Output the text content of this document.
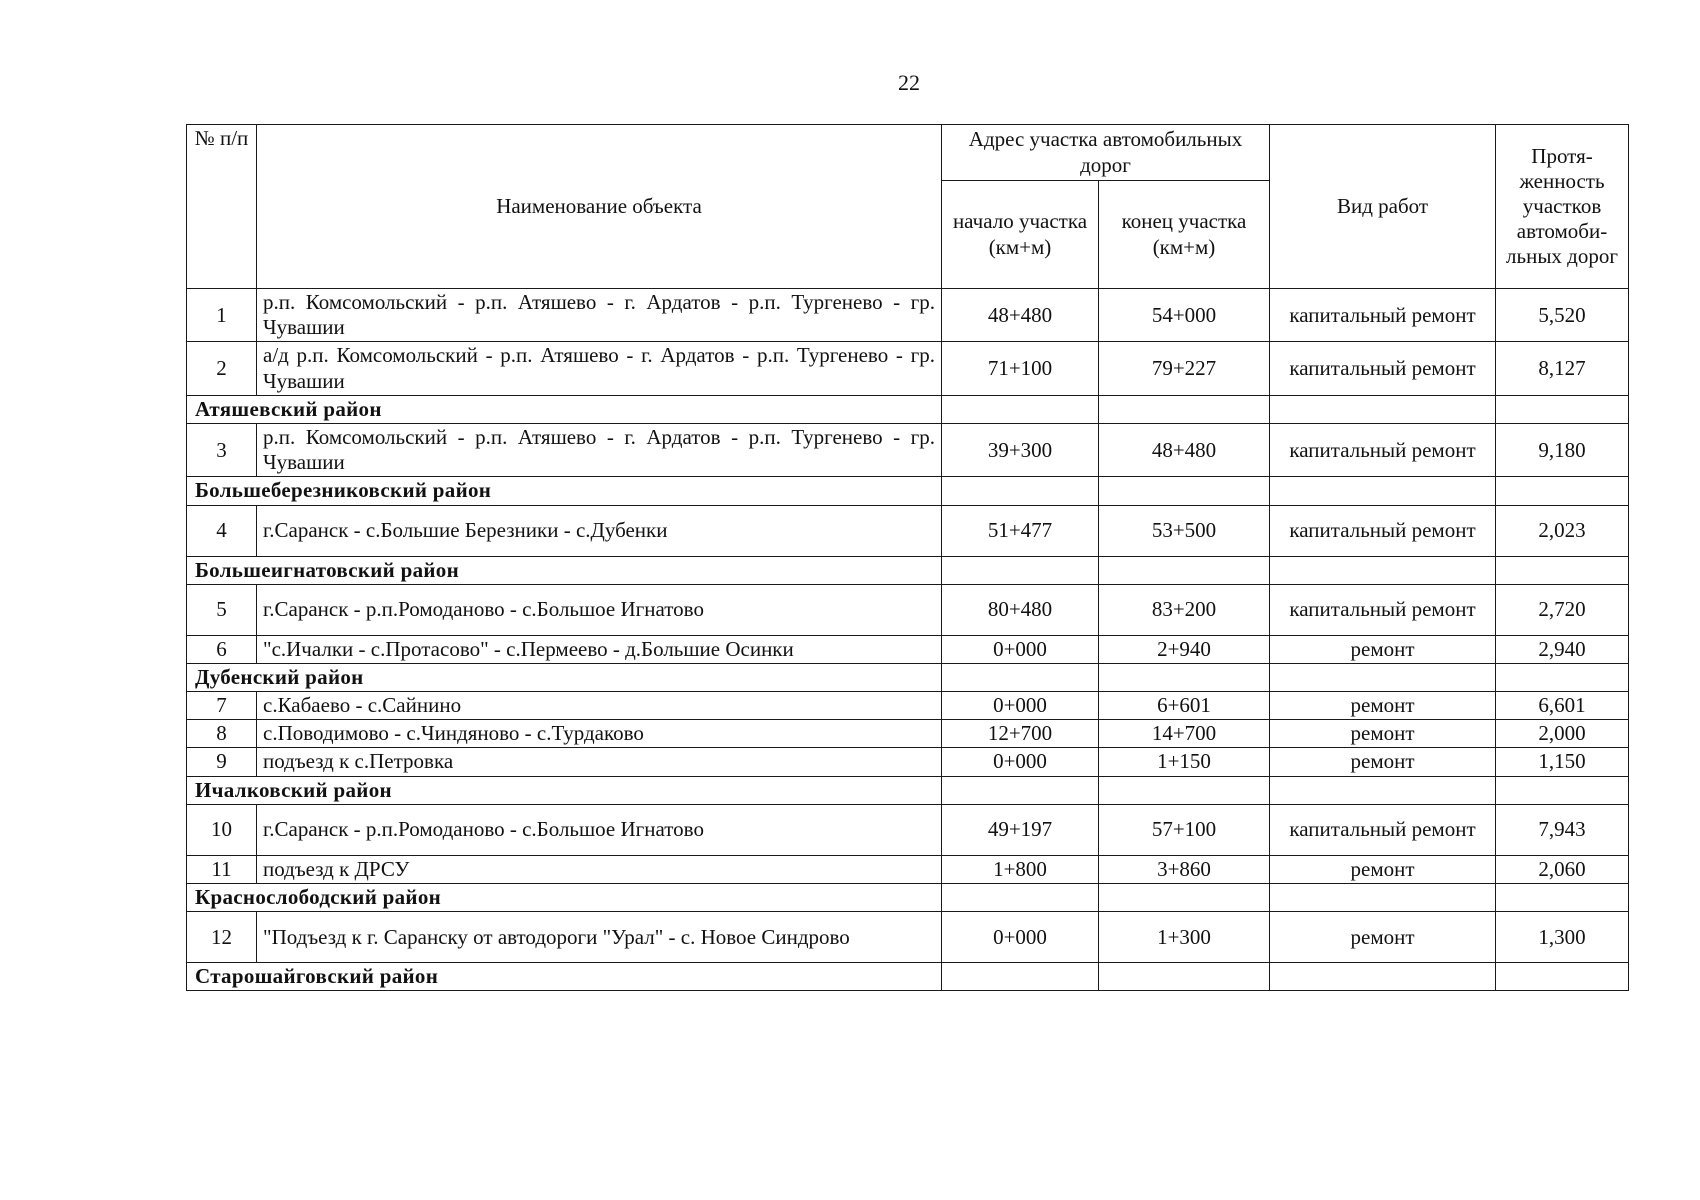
22
№ п/п	Наименование объекта	Адрес участка автомобильных дорог		Вид работ	Протя-женность участков автомоби-льных дорог
		начало участка (км+м)	конец участка (км+м)		
1	р.п. Комсомольский - р.п. Атяшево - г. Ардатов - р.п. Тургенево - гр. Чувашии	48+480	54+000	капитальный ремонт	5,520
2	а/д р.п. Комсомольский - р.п. Атяшево - г. Ардатов - р.п. Тургенево - гр. Чувашии	71+100	79+227	капитальный ремонт	8,127
Атяшевский район					
3	р.п. Комсомольский - р.п. Атяшево - г. Ардатов - р.п. Тургенево - гр. Чувашии	39+300	48+480	капитальный ремонт	9,180
Большеберезниковский район					
4	г.Саранск - с.Большие Березники - с.Дубенки	51+477	53+500	капитальный ремонт	2,023
Большеигнатовский район					
5	г.Саранск - р.п.Ромоданово - с.Большое Игнатово	80+480	83+200	капитальный ремонт	2,720
6	"с.Ичалки - с.Протасово" - с.Пермеево - д.Большие Осинки	0+000	2+940	ремонт	2,940
Дубенский район					
7	с.Кабаево - с.Сайнино	0+000	6+601	ремонт	6,601
8	с.Поводимово - с.Чиндяново - с.Турдаково	12+700	14+700	ремонт	2,000
9	подъезд к с.Петровка	0+000	1+150	ремонт	1,150
Ичалковский район					
10	г.Саранск - р.п.Ромоданово - с.Большое Игнатово	49+197	57+100	капитальный ремонт	7,943
11	подъезд к ДРСУ	1+800	3+860	ремонт	2,060
Краснослободский район					
12	"Подъезд к г. Саранску от автодороги "Урал" - с. Новое Синдрово	0+000	1+300	ремонт	1,300
Старошайговский район					
